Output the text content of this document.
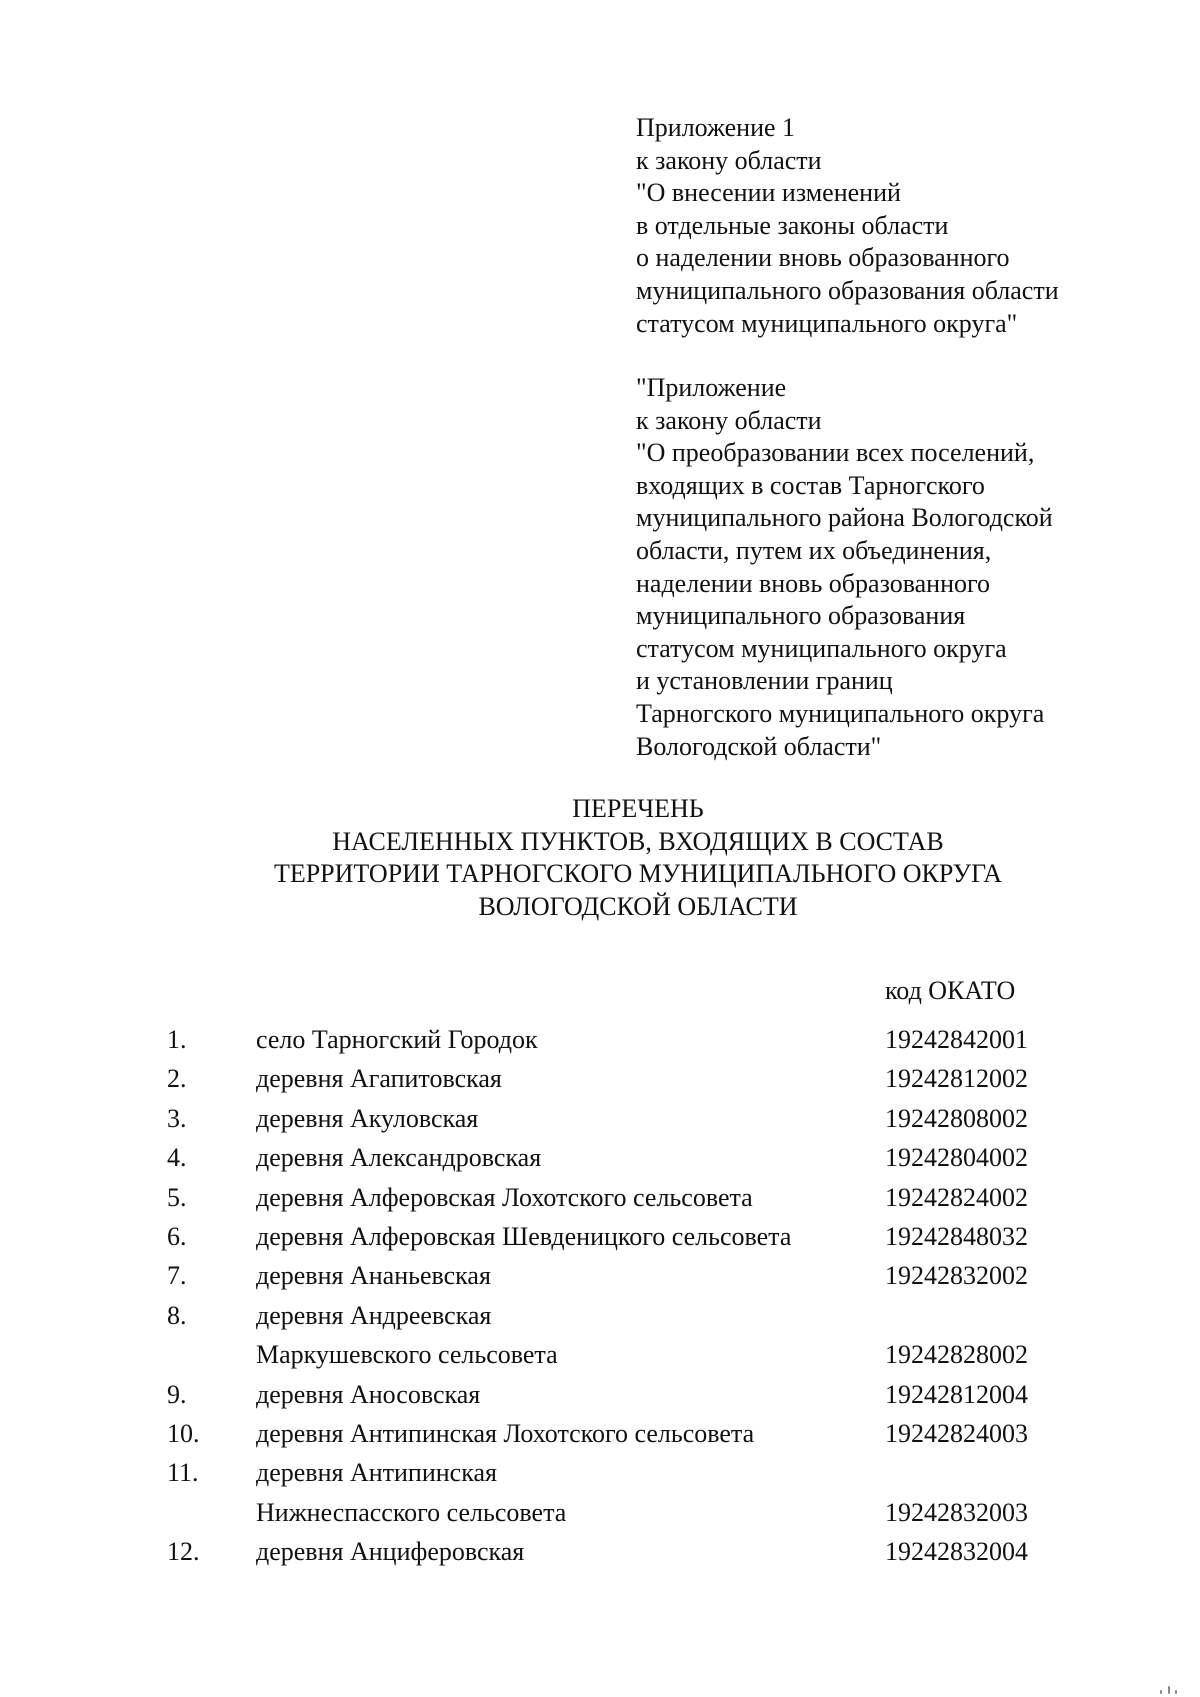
Приложение 1
к закону области
"О внесении изменений
в отдельные законы области
о наделении вновь образованного
муниципального образования области
статусом муниципального округа"
"Приложение
к закону области
"О преобразовании всех поселений,
входящих в состав Тарногского
муниципального района Вологодской
области, путем их объединения,
наделении вновь образованного
муниципального образования
статусом муниципального округа
и установлении границ
Тарногского муниципального округа
Вологодской области"
ПЕРЕЧЕНЬ
НАСЕЛЕННЫХ ПУНКТОВ, ВХОДЯЩИХ В СОСТАВ
ТЕРРИТОРИИ ТАРНОГСКОГО МУНИЦИПАЛЬНОГО ОКРУГА
ВОЛОГОДСКОЙ ОБЛАСТИ
код ОКАТО
1.	село Тарногский Городок	19242842001
2.	деревня Агапитовская	19242812002
3.	деревня Акуловская	19242808002
4.	деревня Александровская	19242804002
5.	деревня Алферовская Лохотского сельсовета	19242824002
6.	деревня Алферовская Шевденицкого сельсовета	19242848032
7.	деревня Ананьевская	19242832002
8.	деревня Андреевская
Маркушевского сельсовета	19242828002
9.	деревня Аносовская	19242812004
10. деревня Антипинская Лохотского сельсовета	19242824003
11. деревня Антипинская
Нижнеспасского сельсовета	19242832003
12. деревня Анциферовская	19242832004
